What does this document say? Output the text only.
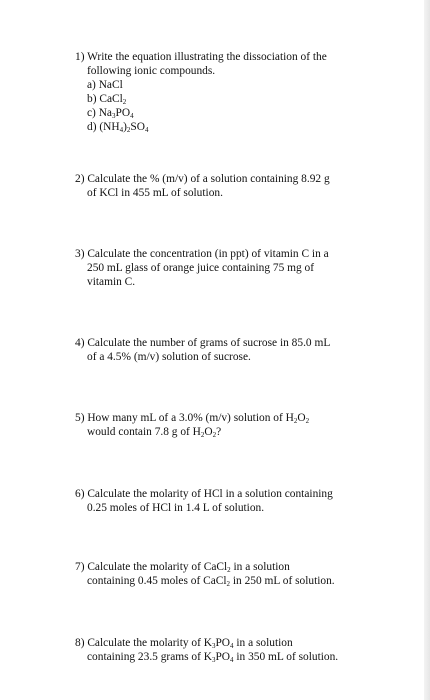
1) Write the equation illustrating the dissociation of the
following ionic compounds.
a) NaCl
b) CaCl$_2$
c) $Na_3PO_4$
d) $(NH_4)_2SO_4$
2) Calculate the % (m/v) of a solution containing 8.92 g
of KCl in 455 mL of solution.
3) Calculate the concentration (in ppt) of vitamin C in a
250 mL glass of orange juice containing 75 mg of
vitamin C.
4) Calculate the number of grams of sucrose in 85.0 mL
of a 4.5% (m/v) solution of sucrose.
5) How many mL of a 3.0% (m/v) solution of $H_2O_2$
would contain 7.8 g of $H_2O_2$?
6) Calculate the molarity of HCl in a solution containing
0.25 moles of HCl in 1.4 L of solution.
7) Calculate the molarity of CaCl$_2$ in a solution
containing 0.45 moles of CaCl$_2$ in 250 mL of solution.
8) Calculate the molarity of $K_3PO_4$ in a solution
containing 23.5 grams of $K_3PO_4$ in 350 mL of solution.
